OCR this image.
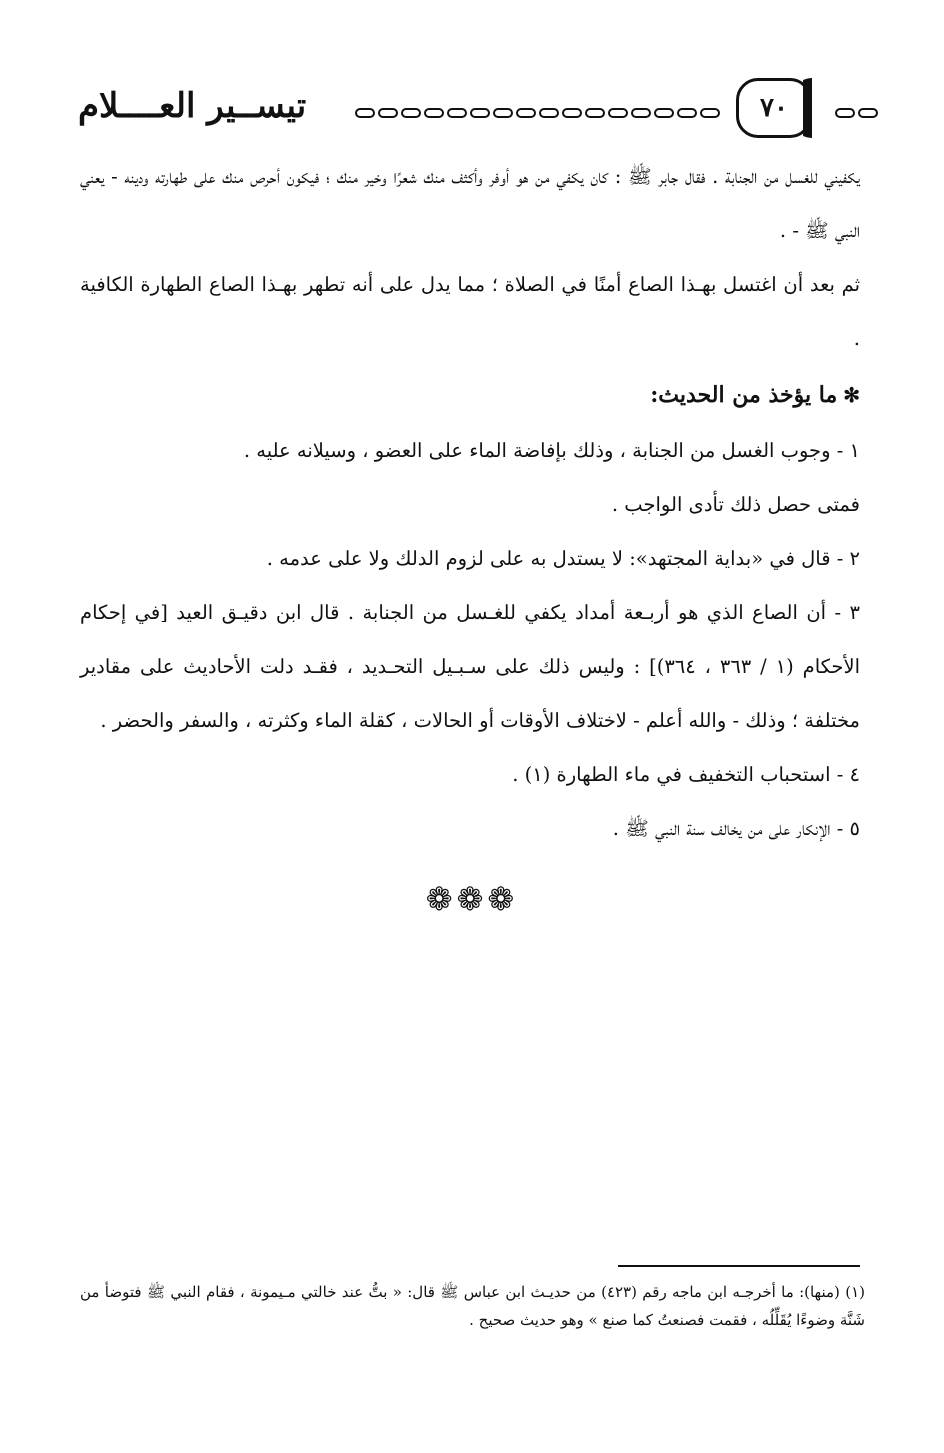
٧٠
تيســير العــــلام

يكفيني للغسل من الجنابة . فقال جابر ﷺ : كان يكفي من هو أوفر وأكثف منك شعرًا وخير منك ؛ فيكون أحرص منك على طهارته ودينه - يعني النبي ﷺ - .

ثم بعد أن اغتسل بهـذا الصاع أمنًا في الصلاة ؛ مما يدل على أنه تطهر بهـذا الصاع الطهارة الكافية .

✻ما يؤخذ من الحديث:

١ - وجوب الغسل من الجنابة ، وذلك بإفاضة الماء على العضو ، وسيلانه عليه .

فمتى حصل ذلك تأدى الواجب .

٢ - قال في «بداية المجتهد»: لا يستدل به على لزوم الدلك ولا على عدمه .

٣ - أن الصاع الذي هو أربـعة أمداد يكفي للغـسل من الجنابة . قال ابن دقيـق العيد [في إحكام الأحكام (١ / ٣٦٣ ، ٣٦٤)] : وليس ذلك على سـبـيل التحـديد ، فقـد دلت الأحاديث على مقادير مختلفة ؛ وذلك - والله أعلم - لاختلاف الأوقات أو الحالات ، كقلة الماء وكثرته ، والسفر والحضر .

٤ - استحباب التخفيف في ماء الطهارة (١) .

٥ - الإنكار على من يخالف سنة النبي ﷺ .

❁❁❁
(١) (منها): ما أخرجـه ابن ماجه رقم (٤٢٣) من حديـث ابن عباس ﷺ قال: « بتُّ عند خالتي مـيمونة ، فقام النبي ﷺ فتوضأ من شَنَّة وضوءًا يُقَلِّلُه ، فقمت فصنعتُ كما صنع » وهو حديث صحيح .
